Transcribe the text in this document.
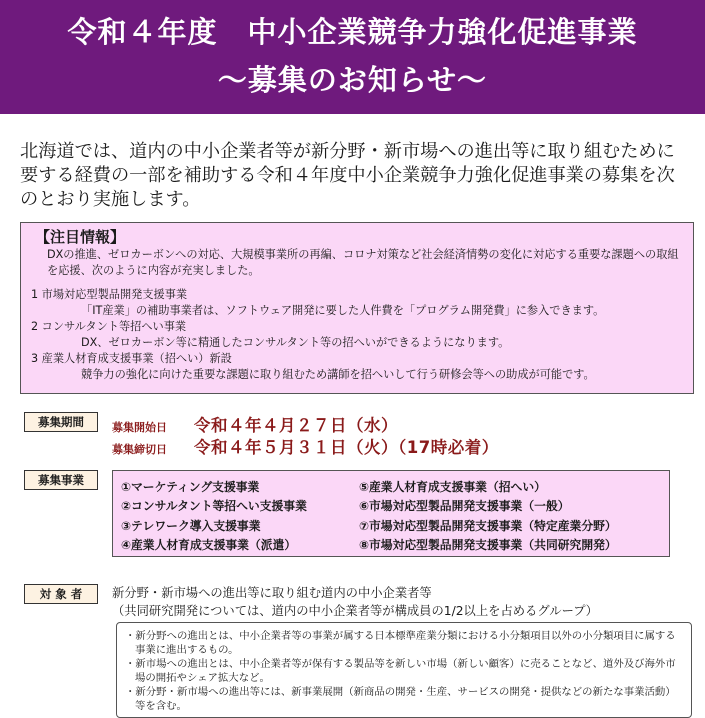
令和４年度　中小企業競争力強化促進事業
～募集のお知らせ～
北海道では、道内の中小企業者等が新分野・新市場への進出等に取り組むために要する経費の一部を補助する令和４年度中小企業競争力強化促進事業の募集を次のとおり実施します。
【注目情報】
DXの推進、ゼロカーボンへの対応、大規模事業所の再編、コロナ対策など社会経済情勢の変化に対応する重要な課題への取組を応援、次のように内容が充実しました。
1 市場対応型製品開発支援事業
「IT産業」の補助事業者は、ソフトウェア開発に要した人件費を「プログラム開発費」に参入できます。
2 コンサルタント等招へい事業
DX、ゼロカーボン等に精通したコンサルタント等の招へいができるようになります。
3 産業人材育成支援事業（招へい）新設
競争力の強化に向けた重要な課題に取り組むため講師を招へいして行う研修会等への助成が可能です。
募集期間	募集開始日	令和４年４月２７日（水）
募集締切日	令和４年５月３１日（火）（17時必着）
募集事業	①マーケティング支援事業
②コンサルタント等招へい支援事業
③テレワーク導入支援事業
④産業人材育成支援事業（派遣）
⑤産業人材育成支援事業（招へい）
⑥市場対応型製品開発支援事業（一般）
⑦市場対応型製品開発支援事業（特定産業分野）
⑧市場対応型製品開発支援事業（共同研究開発）
対 象 者	新分野・新市場への進出等に取り組む道内の中小企業者等
（共同研究開発については、道内の中小企業者等が構成員の1/2以上を占めるグループ）
・新分野への進出とは、中小企業者等の事業が属する日本標準産業分類における小分類項目以外の小分類項目に属する事業に進出するもの。
・新市場への進出とは、中小企業者等が保有する製品等を新しい市場（新しい顧客）に売ることなど、道外及び海外市場の開拓やシェア拡大など。
・新分野・新市場への進出等には、新事業展開（新商品の開発・生産、サービスの開発・提供などの新たな事業活動）等を含む。
